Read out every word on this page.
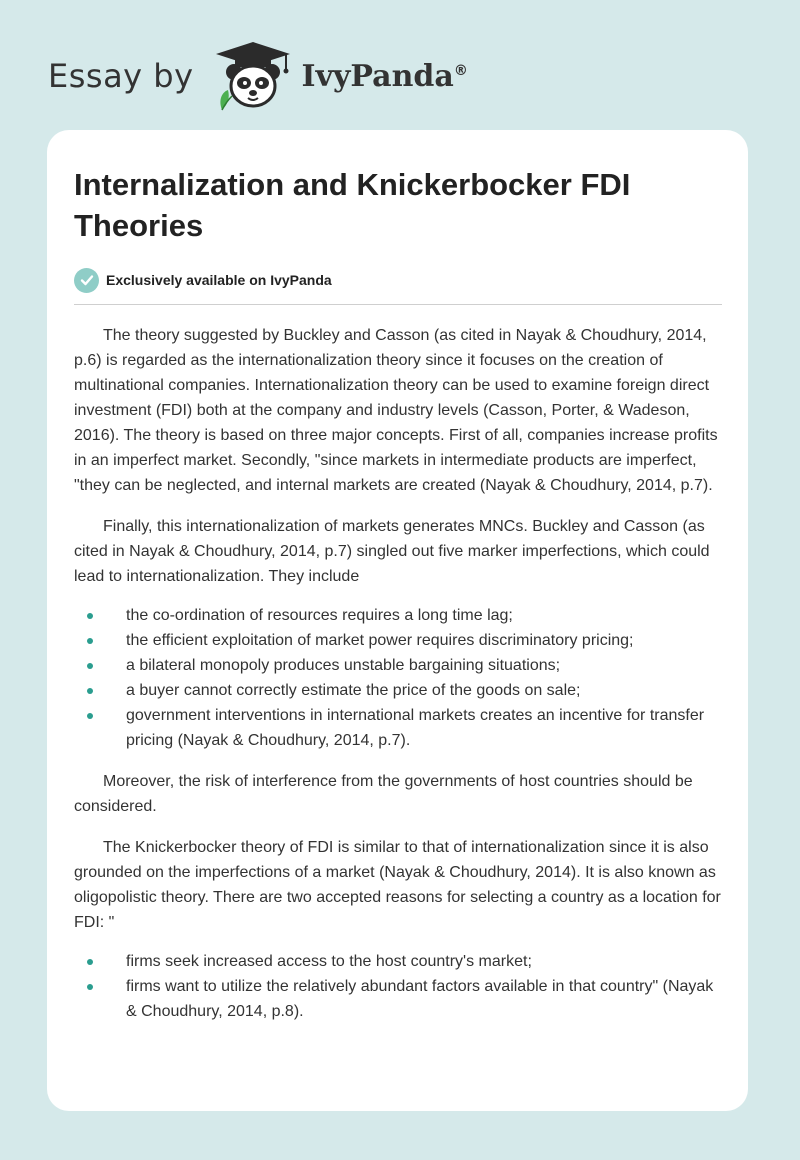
Essay by	IvyPanda®
Internalization and Knickerbocker FDI Theories
Exclusively available on IvyPanda

The theory suggested by Buckley and Casson (as cited in Nayak & Choudhury, 2014, p.6) is regarded as the internationalization theory since it focuses on the creation of multinational companies. Internationalization theory can be used to examine foreign direct investment (FDI) both at the company and industry levels (Casson, Porter, & Wadeson, 2016). The theory is based on three major concepts. First of all, companies increase profits in an imperfect market. Secondly, "since markets in intermediate products are imperfect, "they can be neglected, and internal markets are created (Nayak & Choudhury, 2014, p.7).

Finally, this internationalization of markets generates MNCs. Buckley and Casson (as cited in Nayak & Choudhury, 2014, p.7) singled out five marker imperfections, which could lead to internationalization. They include

the co-ordination of resources requires a long time lag;
the efficient exploitation of market power requires discriminatory pricing;
a bilateral monopoly produces unstable bargaining situations;
a buyer cannot correctly estimate the price of the goods on sale;
government interventions in international markets creates an incentive for transfer pricing (Nayak & Choudhury, 2014, p.7).

Moreover, the risk of interference from the governments of host countries should be considered.

The Knickerbocker theory of FDI is similar to that of internationalization since it is also grounded on the imperfections of a market (Nayak & Choudhury, 2014). It is also known as oligopolistic theory. There are two accepted reasons for selecting a country as a location for FDI: "

firms seek increased access to the host country's market;
firms want to utilize the relatively abundant factors available in that country" (Nayak & Choudhury, 2014, p.8).
